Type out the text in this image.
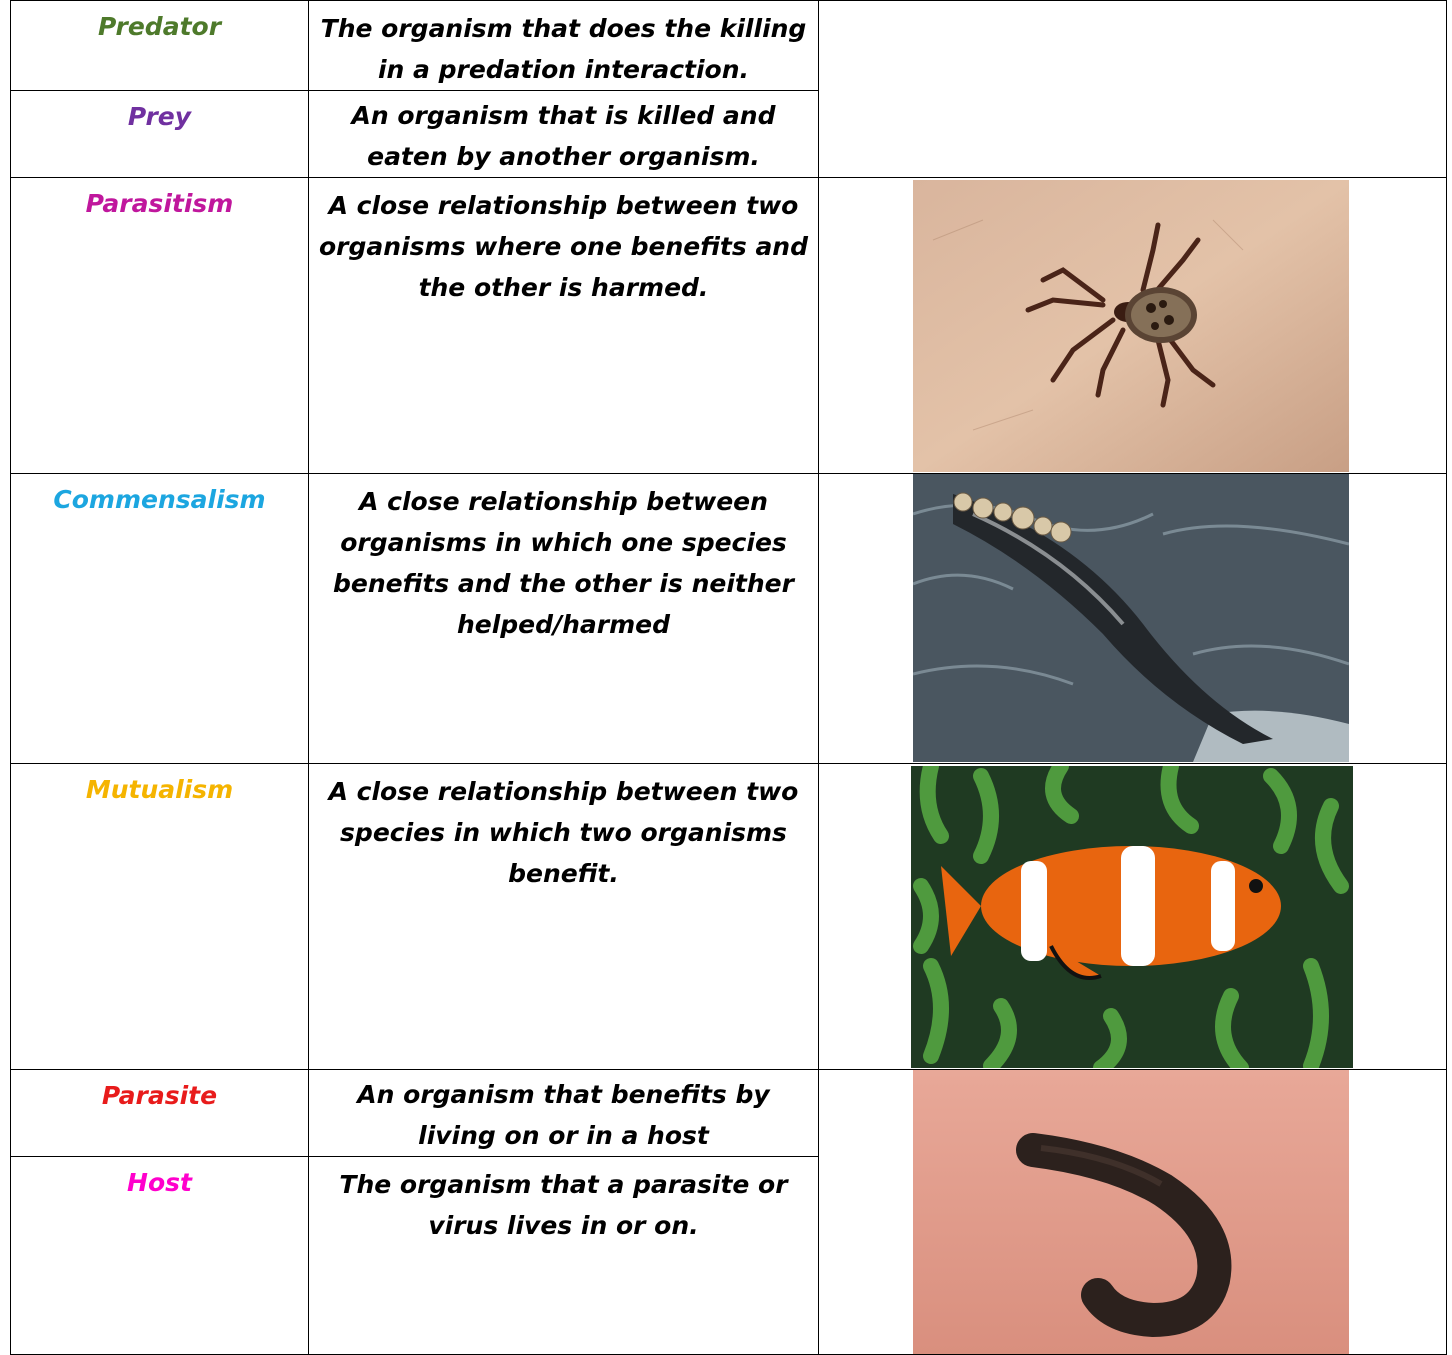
Predator	The organism that does the killing in a predation interaction.	

Prey	An organism that is killed and eaten by another organism.	

Parasitism	A close relationship between two organisms where one benefits and the other is harmed.

Commensalism	A close relationship between organisms in which one species benefits and the other is neither helped/harmed

Mutualism	A close relationship between two species in which two organisms benefit.

Parasite	An organism that benefits by living on or in a host

Host	The organism that a parasite or virus lives in or on.	
